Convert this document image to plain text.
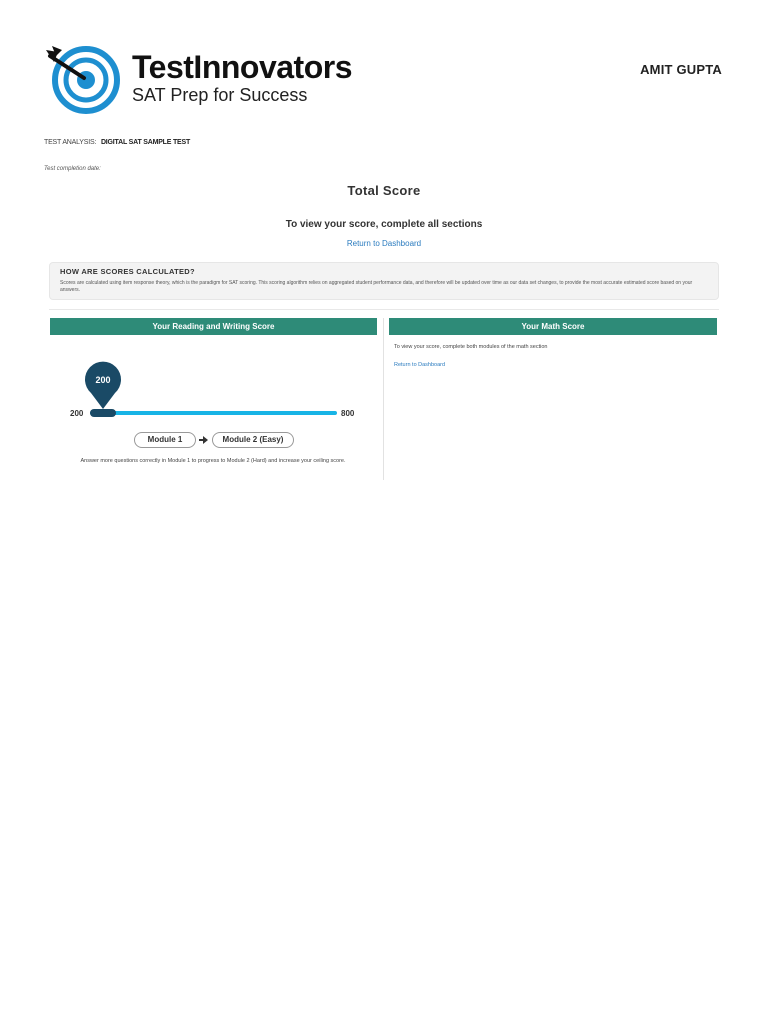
TestInnovators
SAT Prep for Success
AMIT GUPTA
TEST ANALYSIS: DIGITAL SAT SAMPLE TEST
Test completion date:
Total Score
To view your score, complete all sections
Return to Dashboard
HOW ARE SCORES CALCULATED?
Scores are calculated using item response theory, which is the paradigm for SAT scoring. This scoring algorithm relies on aggregated student performance data, and therefore will be updated over time as our data set changes, to provide the most accurate estimated score based on your answers.
Your Reading and Writing Score	Your Math Score
200
200	800
Module 1	Module 2 (Easy)
Answer more questions correctly in Module 1 to progress to Module 2 (Hard) and increase your ceiling score.
To view your score, complete both modules of the math section
Return to Dashboard
